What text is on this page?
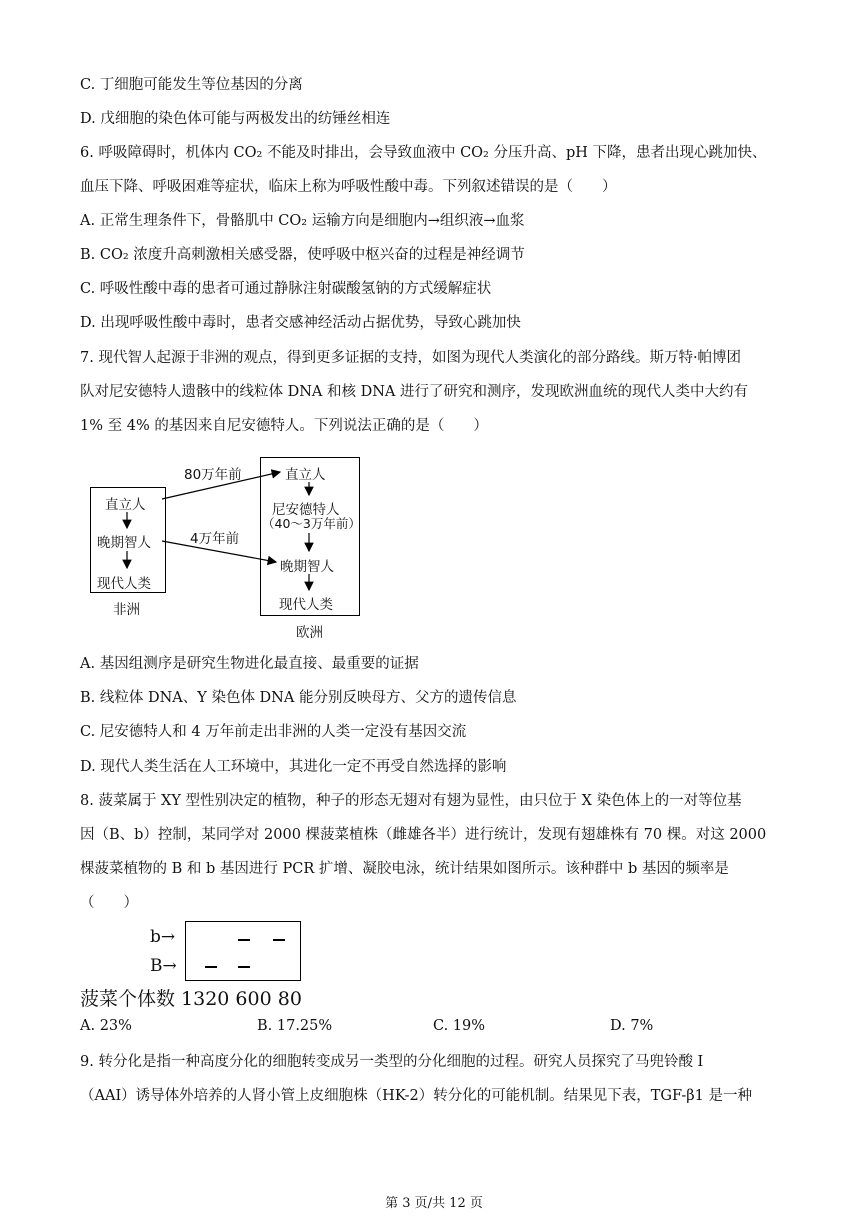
C. 丁细胞可能发生等位基因的分离
D. 戊细胞的染色体可能与两极发出的纺锤丝相连
6. 呼吸障碍时，机体内 CO₂ 不能及时排出，会导致血液中 CO₂ 分压升高、pH 下降，患者出现心跳加快、
血压下降、呼吸困难等症状，临床上称为呼吸性酸中毒。下列叙述错误的是（　　）
A. 正常生理条件下，骨骼肌中 CO₂ 运输方向是细胞内→组织液→血浆
B. CO₂ 浓度升高刺激相关感受器，使呼吸中枢兴奋的过程是神经调节
C. 呼吸性酸中毒的患者可通过静脉注射碳酸氢钠的方式缓解症状
D. 出现呼吸性酸中毒时，患者交感神经活动占据优势，导致心跳加快
7. 现代智人起源于非洲的观点，得到更多证据的支持，如图为现代人类演化的部分路线。斯万特·帕博团
队对尼安德特人遗骸中的线粒体 DNA 和核 DNA 进行了研究和测序，发现欧洲血统的现代人类中大约有
1% 至 4% 的基因来自尼安德特人。下列说法正确的是（　　）
直立人
晚期智人
现代人类
非洲
直立人
尼安德特人
（40～3万年前）
晚期智人
现代人类
欧洲
80万年前
4万年前
A. 基因组测序是研究生物进化最直接、最重要的证据
B. 线粒体 DNA、Y 染色体 DNA 能分别反映母方、父方的遗传信息
C. 尼安德特人和 4 万年前走出非洲的人类一定没有基因交流
D. 现代人类生活在人工环境中，其进化一定不再受自然选择的影响
8. 菠菜属于 XY 型性别决定的植物，种子的形态无翅对有翅为显性，由只位于 X 染色体上的一对等位基
因（B、b）控制，某同学对 2000 棵菠菜植株（雌雄各半）进行统计，发现有翅雄株有 70 棵。对这 2000
棵菠菜植物的 B 和 b 基因进行 PCR 扩增、凝胶电泳，统计结果如图所示。该种群中 b 基因的频率是
（　　）
b→
B→
菠菜个体数 1320 600 80
A. 23%	B. 17.25%	C. 19%	D. 7%
9. 转分化是指一种高度分化的细胞转变成另一类型的分化细胞的过程。研究人员探究了马兜铃酸 I
（AAI）诱导体外培养的人肾小管上皮细胞株（HK-2）转分化的可能机制。结果见下表，TGF-β1 是一种
第 3 页/共 12 页
